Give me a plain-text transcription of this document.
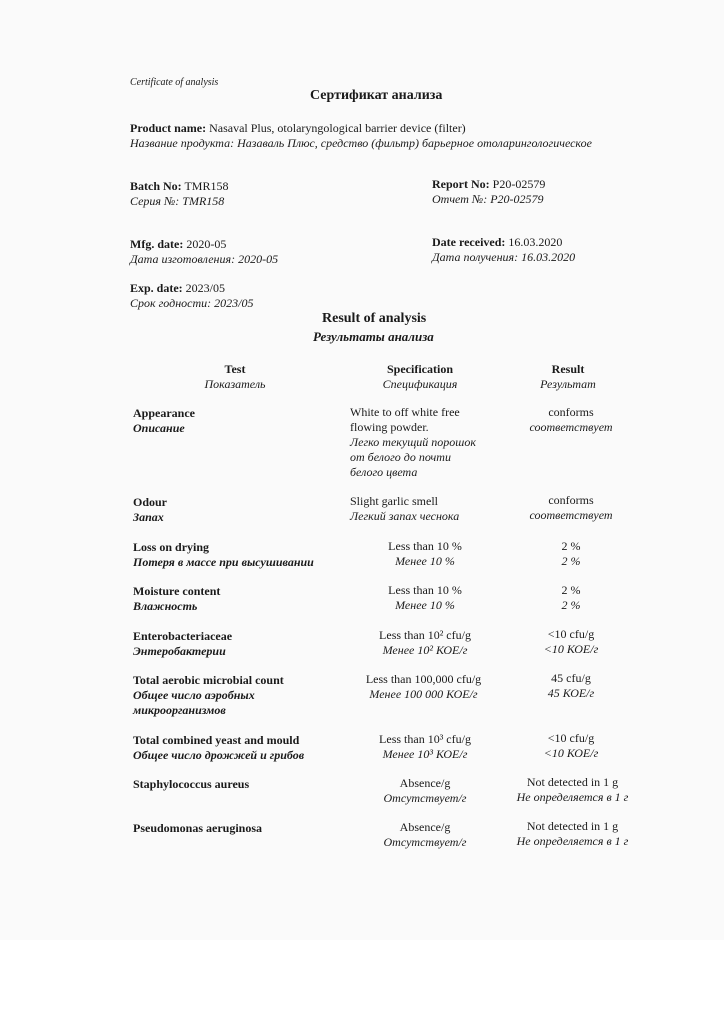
Certificate of analysis
Сертификат анализа
Product name: Nasaval Plus, otolaryngological barrier device (filter)
Название продукта: Назаваль Плюс, средство (фильтр) барьерное отоларингологическое
Batch No: TMR158
Серия №: TMR158
Report No: P20-02579
Отчет №: P20-02579
Mfg. date: 2020-05
Дата изготовления: 2020-05
Date received: 16.03.2020
Дата получения: 16.03.2020
Exp. date: 2023/05
Срок годности: 2023/05
Result of analysis
Результаты анализа
Test
Показатель
Specification
Спецификация
Result
Результат
Appearance
Описание
White to off white free
flowing powder.
Легко текущий порошок
от белого до почти
белого цвета
conforms
соответствует
Odour
Запах
Slight garlic smell
Легкий запах чеснока
conforms
соответствует
Loss on drying
Потеря в массе при высушивании
Less than 10 %
Менее 10 %
2 %
2 %
Moisture content
Влажность
Less than 10 %
Менее 10 %
2 %
2 %
Enterobacteriaceae
Энтеробактерии
Less than 10² cfu/g
Менее 10² КОЕ/г
<10 cfu/g
<10 КОЕ/г
Total aerobic microbial count
Общее число аэробных микроорганизмов
Less than 100,000 cfu/g
Менее 100 000 КОЕ/г
45 cfu/g
45 КОЕ/г
Total combined yeast and mould
Общее число дрожжей и грибов
Less than 10³ cfu/g
Менее 10³ КОЕ/г
<10 cfu/g
<10 КОЕ/г
Staphylococcus aureus	Absence/g
Отсутствует/г
Not detected in 1 g
Не определяется в 1 г
Pseudomonas aeruginosa	Absence/g
Отсутствует/г
Not detected in 1 g
Не определяется в 1 г
